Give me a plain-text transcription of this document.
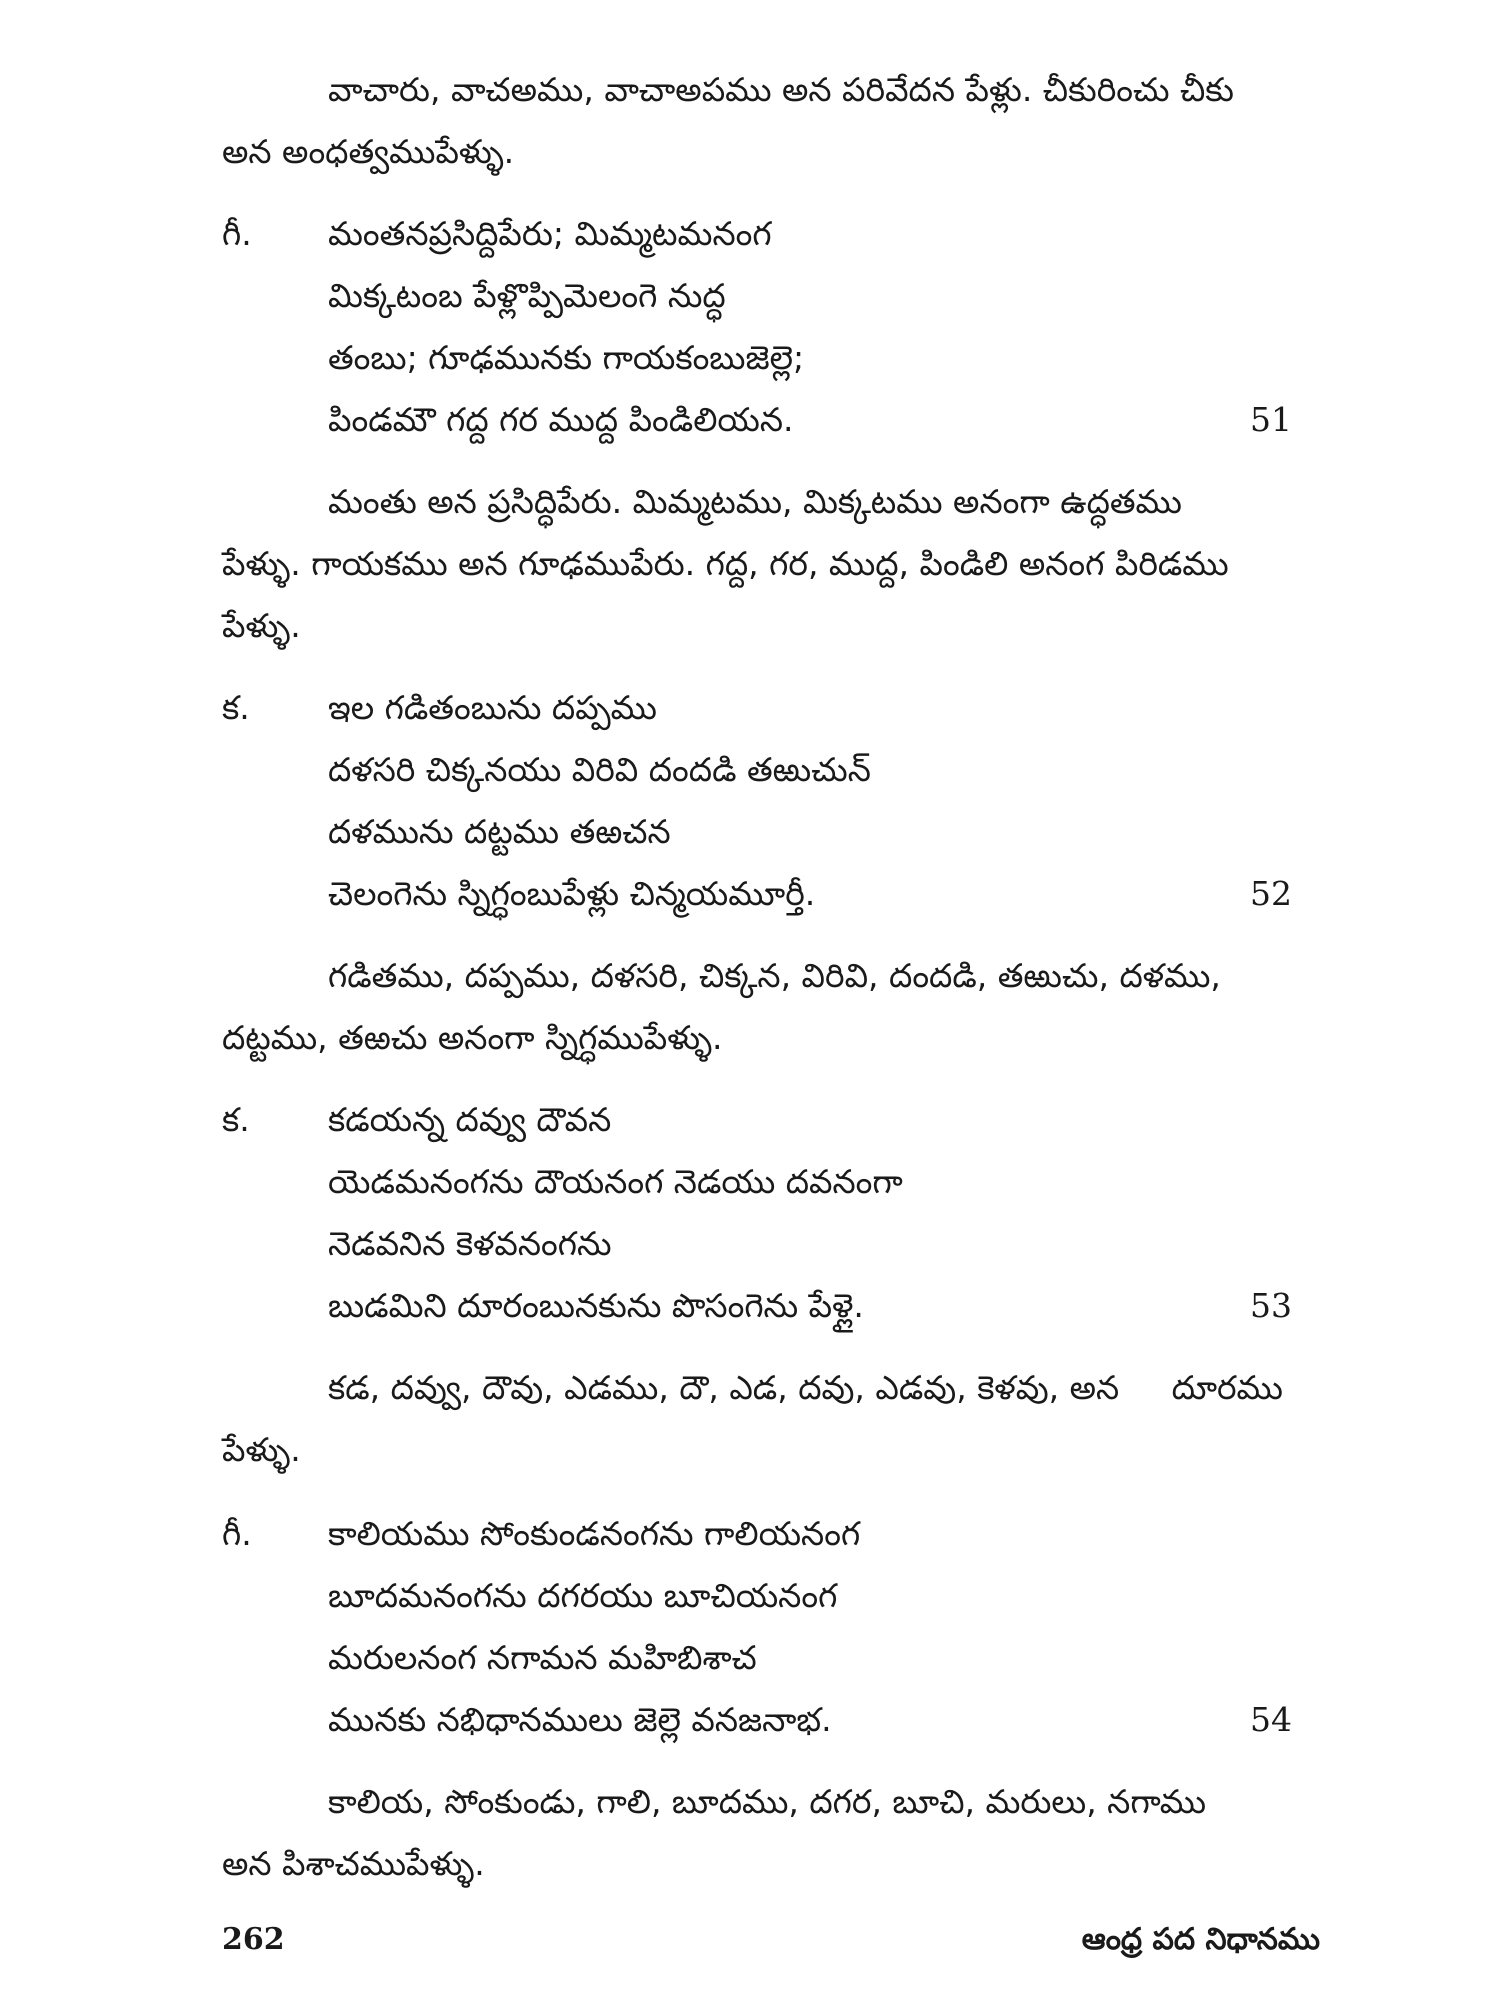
వాచారు, వాచఅము, వాచాఅపము అన పరివేదన పేళ్లు. చీకురించు చీకు
అన అంధత్వముపేళ్ళు.
గీ. మంతనప్రసిద్దిపేరు; మిమ్మటమనంగ
మిక్కటంబ పేళ్లొప్పిమెలంగె నుద్ధ
తంబు; గూఢమునకు గాయకంబుజెల్లె;
పిండమౌ గద్ద గర ముద్ద పిండిలియన.	51
మంతు అన ప్రసిద్ధిపేరు. మిమ్మటము, మిక్కటము అనంగా ఉద్ధతము
పేళ్ళు. గాయకము అన గూఢముపేరు. గద్ద, గర, ముద్ద, పిండిలి అనంగ పిరిడము
పేళ్ళు.
క. ఇల గడితంబును దప్పము
దళసరి చిక్కనయు విరివి దందడి తఱుచున్
దళమును దట్టము తఱచన
చెలంగెను స్నిగ్ధంబుపేళ్లు చిన్మయమూర్తీ.	52
గడితము, దప్పము, దళసరి, చిక్కన, విరివి, దందడి, తఱుచు, దళము,
దట్టము, తఱచు అనంగా స్నిగ్ధముపేళ్ళు.
క. కడయన్న దవ్వు దౌవన
యెడమనంగను దౌయనంగ నెడయు దవనంగా
నెడవనిన కెళవనంగను
బుడమిని దూరంబునకును పొసంగెను పేళ్లై.	53
కడ, దవ్వు, దౌవు, ఎడము, దౌ, ఎడ, దవు, ఎడవు, కెళవు, అన     దూరము
పేళ్ళు.
గీ. కాలియము సోంకుండనంగను గాలియనంగ
బూదమనంగను దగరయు బూచియనంగ
మరులనంగ నగామన మహిబిశాచ
మునకు నభిధానములు జెల్లె వనజనాభ.	54
కాలియ, సోంకుండు, గాలి, బూదము, దగర, బూచి, మరులు, నగాము
అన పిశాచముపేళ్ళు.
262	ఆంధ్ర పద నిధానము
